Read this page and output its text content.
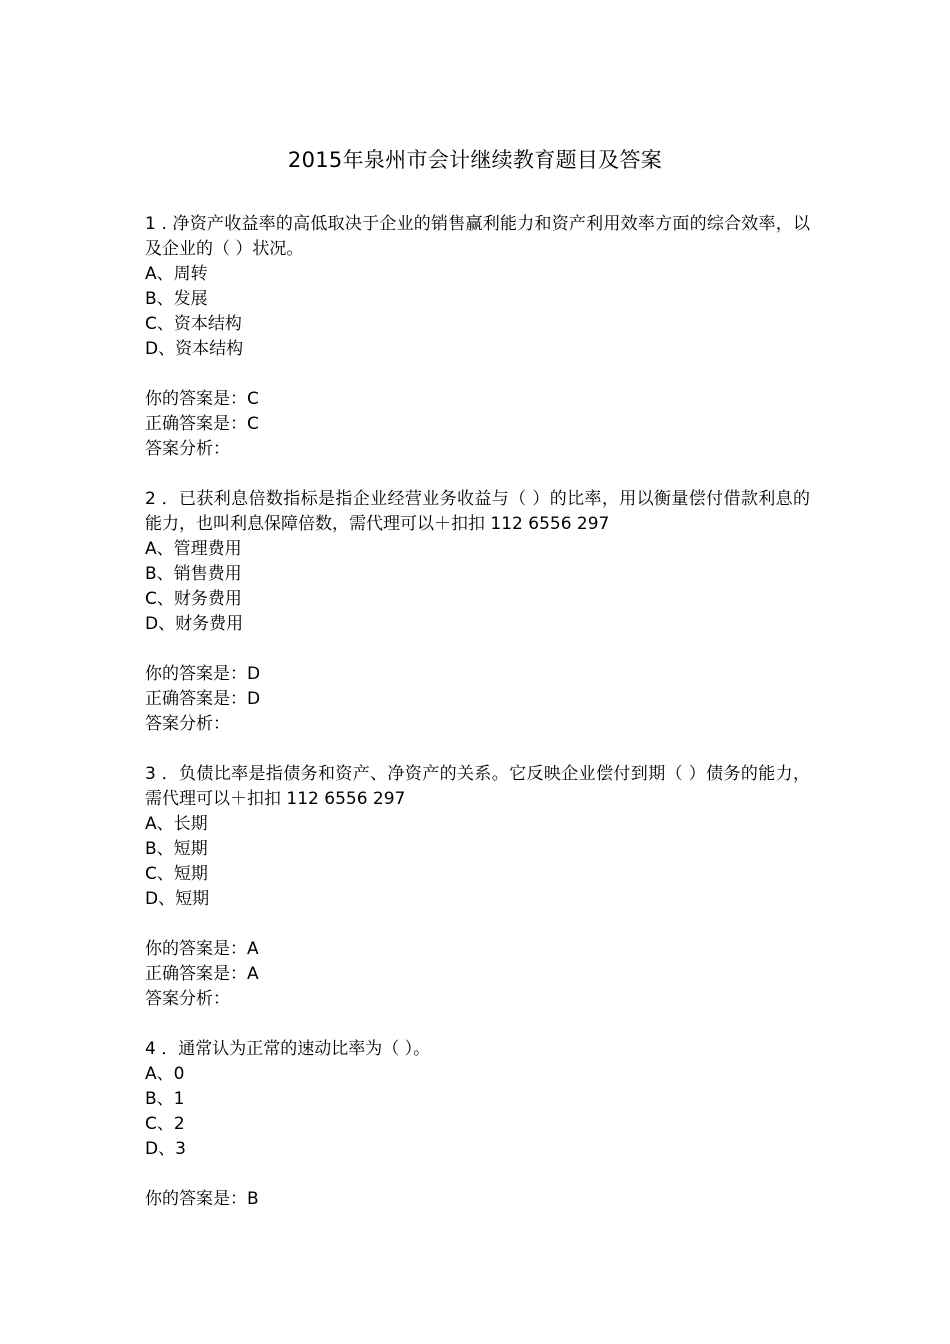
2015年泉州市会计继续教育题目及答案
1 . 净资产收益率的高低取决于企业的销售赢利能力和资产利用效率方面的综合效率，以及企业的（ ）状况。
A、周转
B、发展
C、资本结构
D、资本结构
你的答案是：C
正确答案是：C
答案分析：
2 ．已获利息倍数指标是指企业经营业务收益与（ ）的比率，用以衡量偿付借款利息的能力，也叫利息保障倍数，需代理可以＋扣扣 112 6556 297
A、管理费用
B、销售费用
C、财务费用
D、财务费用
你的答案是：D
正确答案是：D
答案分析：
3 ．负债比率是指债务和资产、净资产的关系。它反映企业偿付到期（ ）债务的能力，需代理可以＋扣扣 112 6556 297
A、长期
B、短期
C、短期
D、短期
你的答案是：A
正确答案是：A
答案分析：
4 ．通常认为正常的速动比率为（ ）。
A、0
B、1
C、2
D、3
你的答案是：B
